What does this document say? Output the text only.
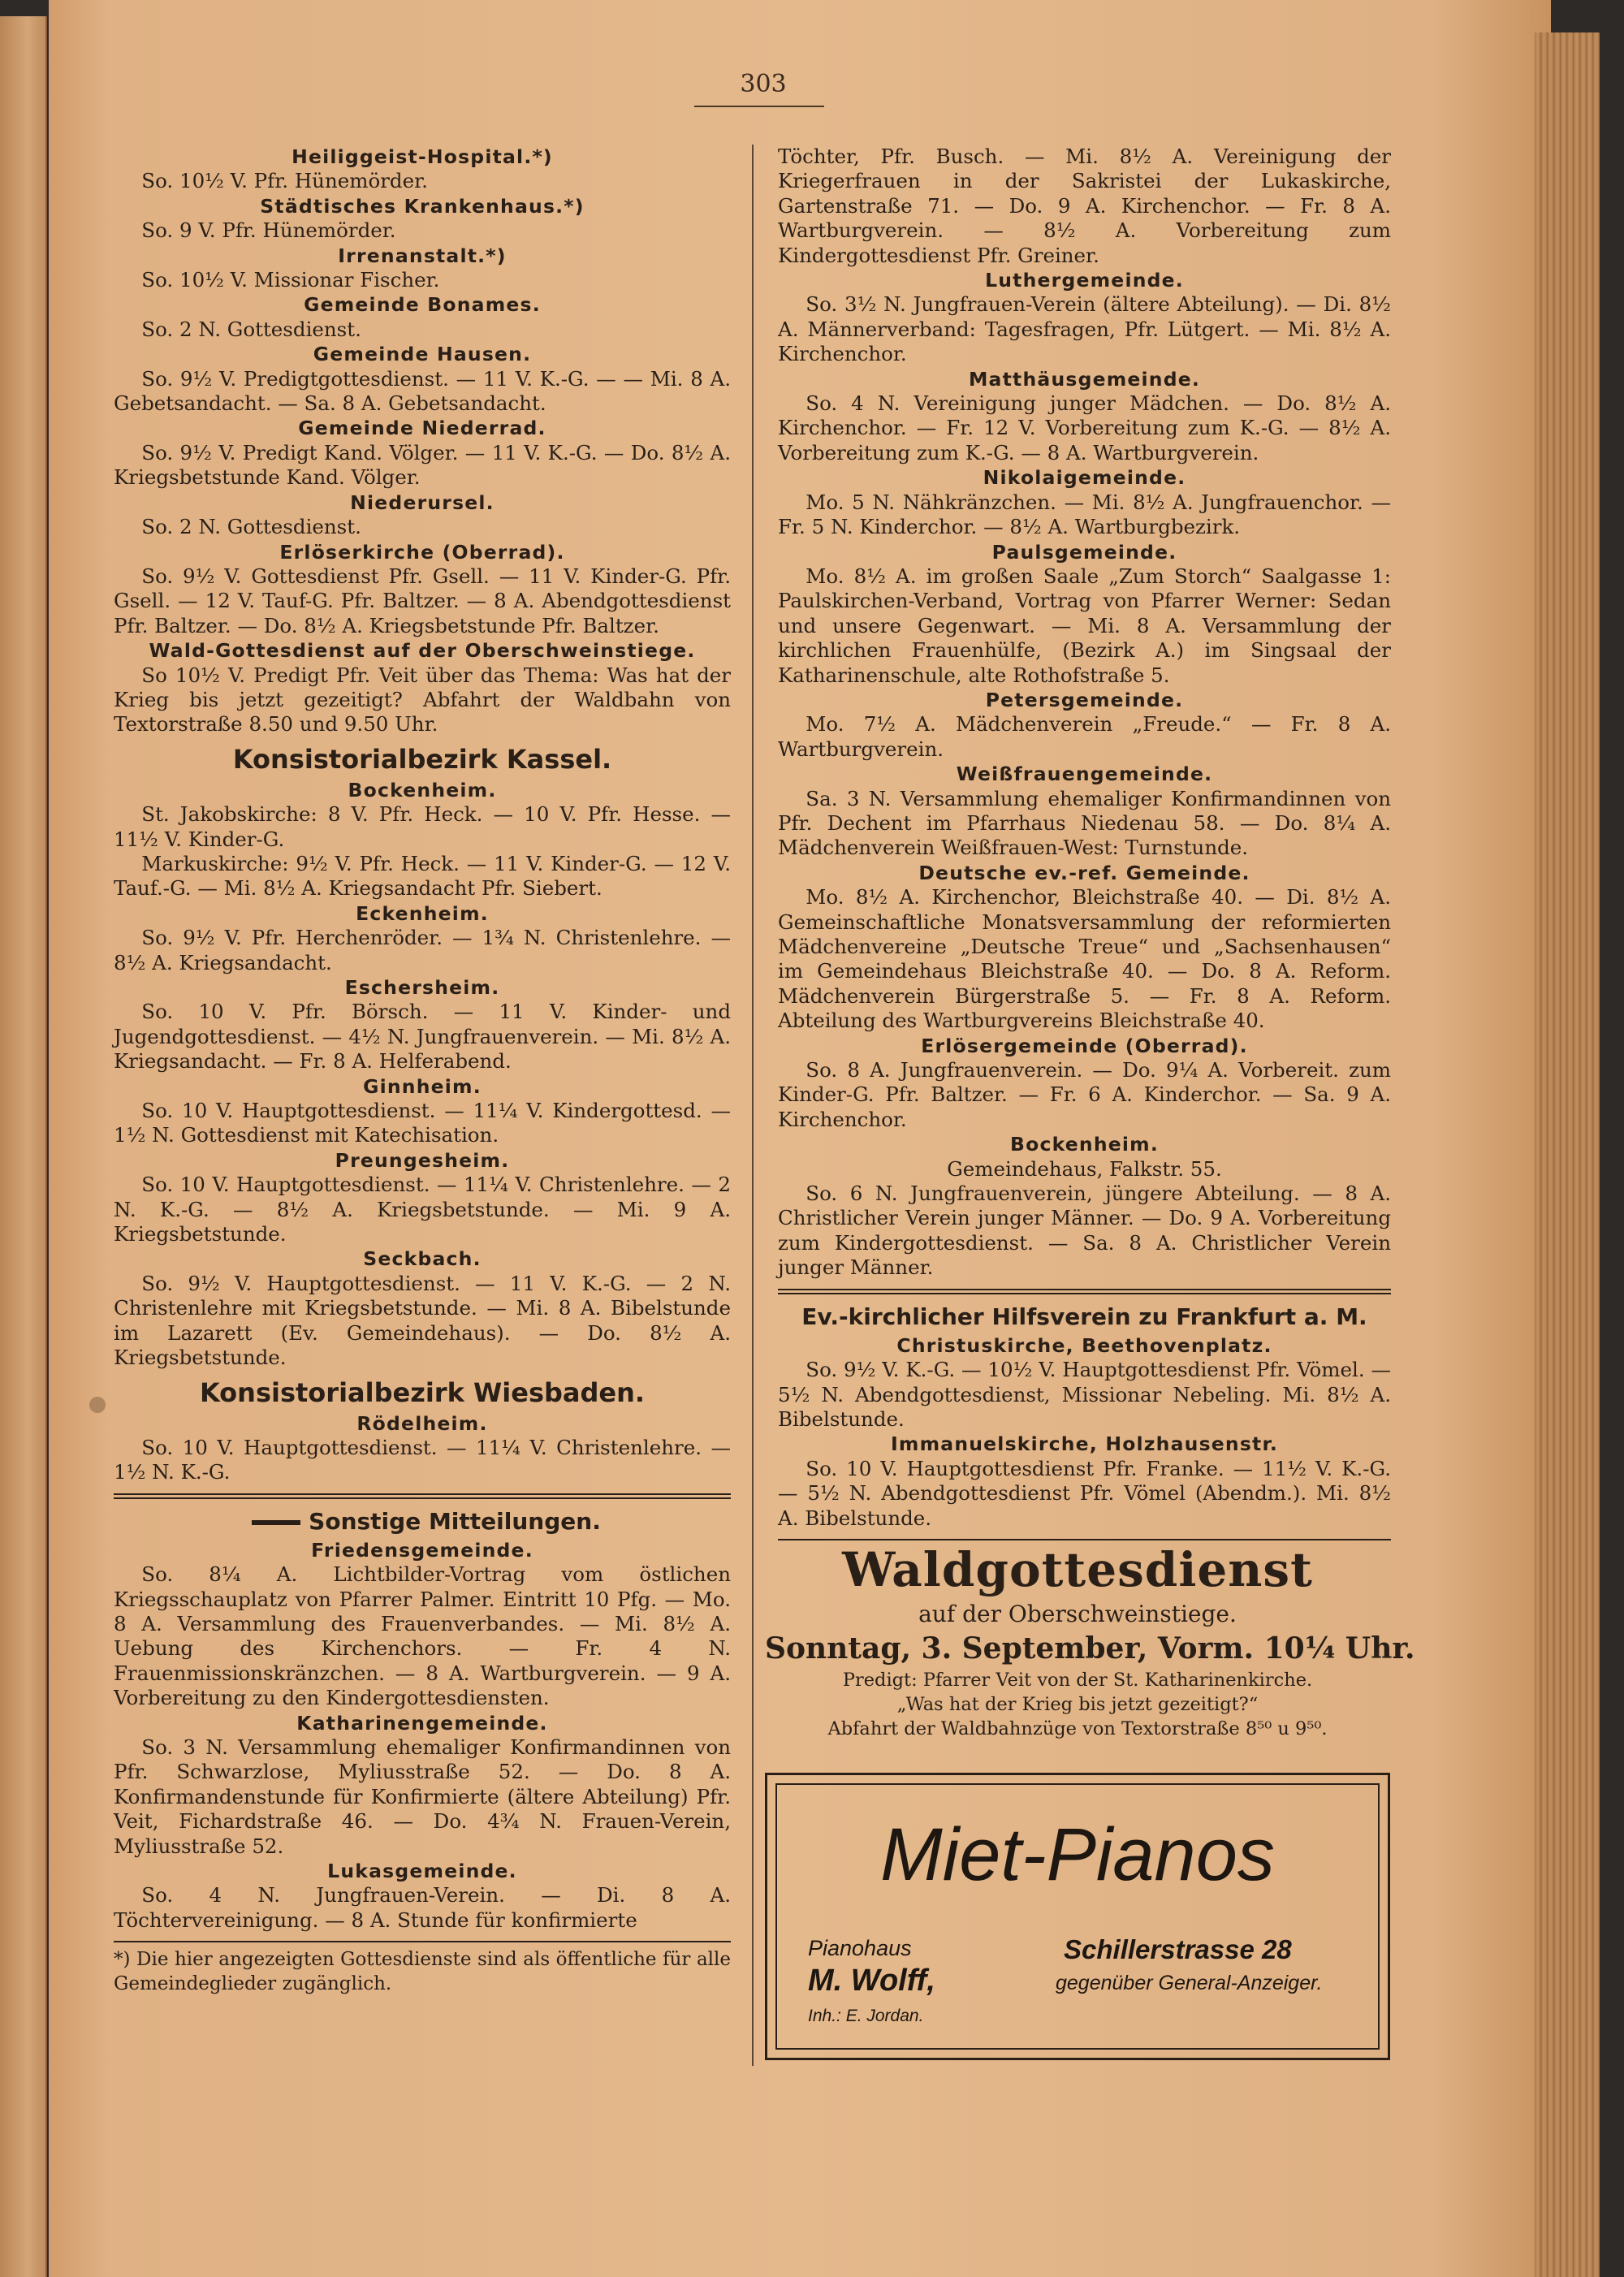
303
Heiliggeist-Hospital.*)
So. 10½ V. Pfr. Hünemörder.
Städtisches Krankenhaus.*)
So. 9 V. Pfr. Hünemörder.
Irrenanstalt.*)
So. 10½ V. Missionar Fischer.
Gemeinde Bonames.
So. 2 N. Gottesdienst.
Gemeinde Hausen.
So. 9½ V. Predigtgottesdienst. — 11 V. K.-G. — — Mi. 8 A. Gebetsandacht. — Sa. 8 A. Gebetsandacht.
Gemeinde Niederrad.
So. 9½ V. Predigt Kand. Völger. — 11 V. K.-G. — Do. 8½ A. Kriegsbetstunde Kand. Völger.
Niederursel.
So. 2 N. Gottesdienst.
Erlöserkirche (Oberrad).
So. 9½ V. Gottesdienst Pfr. Gsell. — 11 V. Kinder-G. Pfr. Gsell. — 12 V. Tauf-G. Pfr. Baltzer. — 8 A. Abendgottesdienst Pfr. Baltzer. — Do. 8½ A. Kriegsbetstunde Pfr. Baltzer.
Wald-Gottesdienst auf der Oberschweinstiege.
So 10½ V. Predigt Pfr. Veit über das Thema: Was hat der Krieg bis jetzt gezeitigt? Abfahrt der Waldbahn von Textorstraße 8.50 und 9.50 Uhr.
Konsistorialbezirk Kassel.
Bockenheim.
St. Jakobskirche: 8 V. Pfr. Heck. — 10 V. Pfr. Hesse. — 11½ V. Kinder-G.
Markuskirche: 9½ V. Pfr. Heck. — 11 V. Kinder-G. — 12 V. Tauf.-G. — Mi. 8½ A. Kriegsandacht Pfr. Siebert.
Eckenheim.
So. 9½ V. Pfr. Herchenröder. — 1¾ N. Christenlehre. — 8½ A. Kriegsandacht.
Eschersheim.
So. 10 V. Pfr. Börsch. — 11 V. Kinder- und Jugendgottesdienst. — 4½ N. Jungfrauenverein. — Mi. 8½ A. Kriegsandacht. — Fr. 8 A. Helferabend.
Ginnheim.
So. 10 V. Hauptgottesdienst. — 11¼ V. Kindergottesd. — 1½ N. Gottesdienst mit Katechisation.
Preungesheim.
So. 10 V. Hauptgottesdienst. — 11¼ V. Christenlehre. — 2 N. K.-G. — 8½ A. Kriegsbetstunde. — Mi. 9 A. Kriegsbetstunde.
Seckbach.
So. 9½ V. Hauptgottesdienst. — 11 V. K.-G. — 2 N. Christenlehre mit Kriegsbetstunde. — Mi. 8 A. Bibelstunde im Lazarett (Ev. Gemeindehaus). — Do. 8½ A. Kriegsbetstunde.
Konsistorialbezirk Wiesbaden.
Rödelheim.
So. 10 V. Hauptgottesdienst. — 11¼ V. Christenlehre. — 1½ N. K.-G.
Sonstige Mitteilungen.
Friedensgemeinde.
So. 8¼ A. Lichtbilder-Vortrag vom östlichen Kriegsschauplatz von Pfarrer Palmer. Eintritt 10 Pfg. — Mo. 8 A. Versammlung des Frauenverbandes. — Mi. 8½ A. Uebung des Kirchenchors. — Fr. 4 N. Frauenmissionskränzchen. — 8 A. Wartburgverein. — 9 A. Vorbereitung zu den Kindergottesdiensten.
Katharinengemeinde.
So. 3 N. Versammlung ehemaliger Konfirmandinnen von Pfr. Schwarzlose, Myliusstraße 52. — Do. 8 A. Konfirmandenstunde für Konfirmierte (ältere Abteilung) Pfr. Veit, Fichardstraße 46. — Do. 4¾ N. Frauen-Verein, Myliusstraße 52.
Lukasgemeinde.
So. 4 N. Jungfrauen-Verein. — Di. 8 A. Töchtervereinigung. — 8 A. Stunde für konfirmierte
*) Die hier angezeigten Gottesdienste sind als öffentliche für alle Gemeindeglieder zugänglich.
Töchter, Pfr. Busch. — Mi. 8½ A. Vereinigung der Kriegerfrauen in der Sakristei der Lukaskirche, Gartenstraße 71. — Do. 9 A. Kirchenchor. — Fr. 8 A. Wartburgverein. — 8½ A. Vorbereitung zum Kindergottesdienst Pfr. Greiner.
Luthergemeinde.
So. 3½ N. Jungfrauen-Verein (ältere Abteilung). — Di. 8½ A. Männerverband: Tagesfragen, Pfr. Lütgert. — Mi. 8½ A. Kirchenchor.
Matthäusgemeinde.
So. 4 N. Vereinigung junger Mädchen. — Do. 8½ A. Kirchenchor. — Fr. 12 V. Vorbereitung zum K.-G. — 8½ A. Vorbereitung zum K.-G. — 8 A. Wartburgverein.
Nikolaigemeinde.
Mo. 5 N. Nähkränzchen. — Mi. 8½ A. Jungfrauenchor. — Fr. 5 N. Kinderchor. — 8½ A. Wartburgbezirk.
Paulsgemeinde.
Mo. 8½ A. im großen Saale „Zum Storch“ Saalgasse 1: Paulskirchen-Verband, Vortrag von Pfarrer Werner: Sedan und unsere Gegenwart. — Mi. 8 A. Versammlung der kirchlichen Frauenhülfe, (Bezirk A.) im Singsaal der Katharinenschule, alte Rothofstraße 5.
Petersgemeinde.
Mo. 7½ A. Mädchenverein „Freude.“ — Fr. 8 A. Wartburgverein.
Weißfrauengemeinde.
Sa. 3 N. Versammlung ehemaliger Konfirmandinnen von Pfr. Dechent im Pfarrhaus Niedenau 58. — Do. 8¼ A. Mädchenverein Weißfrauen-West: Turnstunde.
Deutsche ev.-ref. Gemeinde.
Mo. 8½ A. Kirchenchor, Bleichstraße 40. — Di. 8½ A. Gemeinschaftliche Monatsversammlung der reformierten Mädchenvereine „Deutsche Treue“ und „Sachsenhausen“ im Gemeindehaus Bleichstraße 40. — Do. 8 A. Reform. Mädchenverein Bürgerstraße 5. — Fr. 8 A. Reform. Abteilung des Wartburgvereins Bleichstraße 40.
Erlösergemeinde (Oberrad).
So. 8 A. Jungfrauenverein. — Do. 9¼ A. Vorbereit. zum Kinder-G. Pfr. Baltzer. — Fr. 6 A. Kinderchor. — Sa. 9 A. Kirchenchor.
Bockenheim.
Gemeindehaus, Falkstr. 55.
So. 6 N. Jungfrauenverein, jüngere Abteilung. — 8 A. Christlicher Verein junger Männer. — Do. 9 A. Vorbereitung zum Kindergottesdienst. — Sa. 8 A. Christlicher Verein junger Männer.
Ev.-kirchlicher Hilfsverein zu Frankfurt a. M.
Christuskirche, Beethovenplatz.
So. 9½ V. K.-G. — 10½ V. Hauptgottesdienst Pfr. Vömel. — 5½ N. Abendgottesdienst, Missionar Nebeling. Mi. 8½ A. Bibelstunde.
Immanuelskirche, Holzhausenstr.
So. 10 V. Hauptgottesdienst Pfr. Franke. — 11½ V. K.-G. — 5½ N. Abendgottesdienst Pfr. Vömel (Abendm.). Mi. 8½ A. Bibelstunde.
Waldgottesdienst
auf der Oberschweinstiege.
Sonntag, 3. September, Vorm. 10¼ Uhr.
Predigt: Pfarrer Veit von der St. Katharinenkirche.
„Was hat der Krieg bis jetzt gezeitigt?“
Abfahrt der Waldbahnzüge von Textorstraße 8⁵⁰ u 9⁵⁰.
Miet-Pianos
Pianohaus
M. Wolff,
Inh.: E. Jordan.
Schillerstrasse 28
gegenüber General-Anzeiger.
